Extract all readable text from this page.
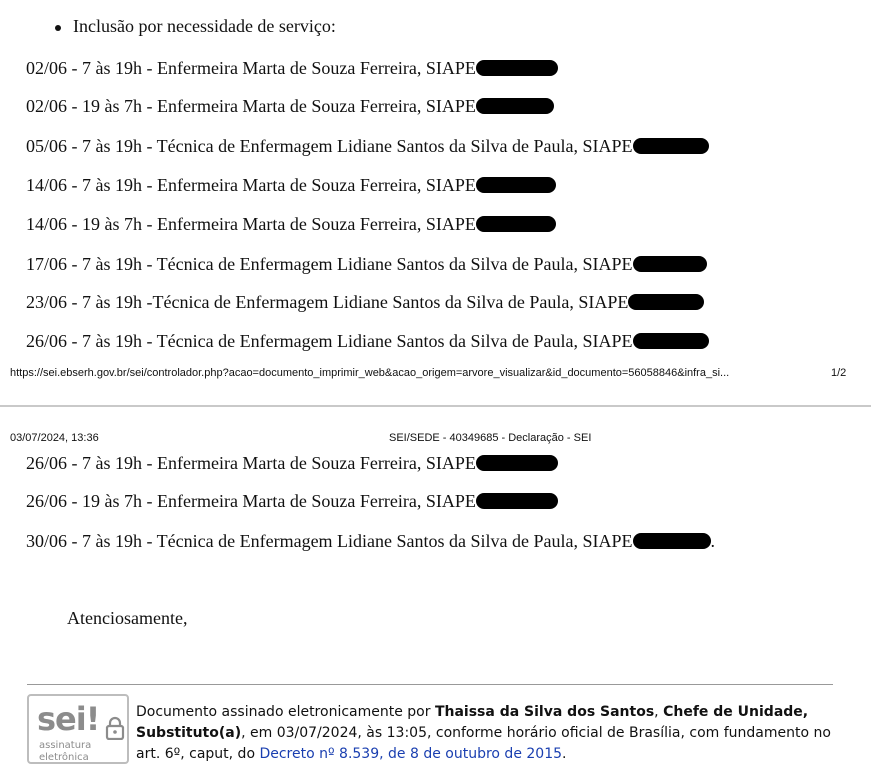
Inclusão por necessidade de serviço:
02/06 - 7 às 19h - Enfermeira Marta de Souza Ferreira, SIAPE
02/06 - 19 às 7h - Enfermeira Marta de Souza Ferreira, SIAPE
05/06 - 7 às 19h - Técnica de Enfermagem Lidiane Santos da Silva de Paula, SIAPE
14/06 - 7 às 19h - Enfermeira Marta de Souza Ferreira, SIAPE
14/06 - 19 às 7h - Enfermeira Marta de Souza Ferreira, SIAPE
17/06 - 7 às 19h - Técnica de Enfermagem Lidiane Santos da Silva de Paula, SIAPE
23/06 - 7 às 19h -Técnica de Enfermagem Lidiane Santos da Silva de Paula, SIAPE
26/06 - 7 às 19h - Técnica de Enfermagem Lidiane Santos da Silva de Paula, SIAPE
https://sei.ebserh.gov.br/sei/controlador.php?acao=documento_imprimir_web&acao_origem=arvore_visualizar&id_documento=56058846&infra_si...	1/2
03/07/2024, 13:36	SEI/SEDE - 40349685 - Declaração - SEI
26/06 - 7 às 19h - Enfermeira Marta de Souza Ferreira, SIAPE
26/06 - 19 às 7h - Enfermeira Marta de Souza Ferreira, SIAPE
30/06 - 7 às 19h - Técnica de Enfermagem Lidiane Santos da Silva de Paula, SIAPE	.
Atenciosamente,
sei!
assinatura
eletrônica
Documento assinado eletronicamente por Thaissa da Silva dos Santos, Chefe de Unidade, Substituto(a), em 03/07/2024, às 13:05, conforme horário oficial de Brasília, com fundamento no art. 6º, caput, do Decreto nº 8.539, de 8 de outubro de 2015.
